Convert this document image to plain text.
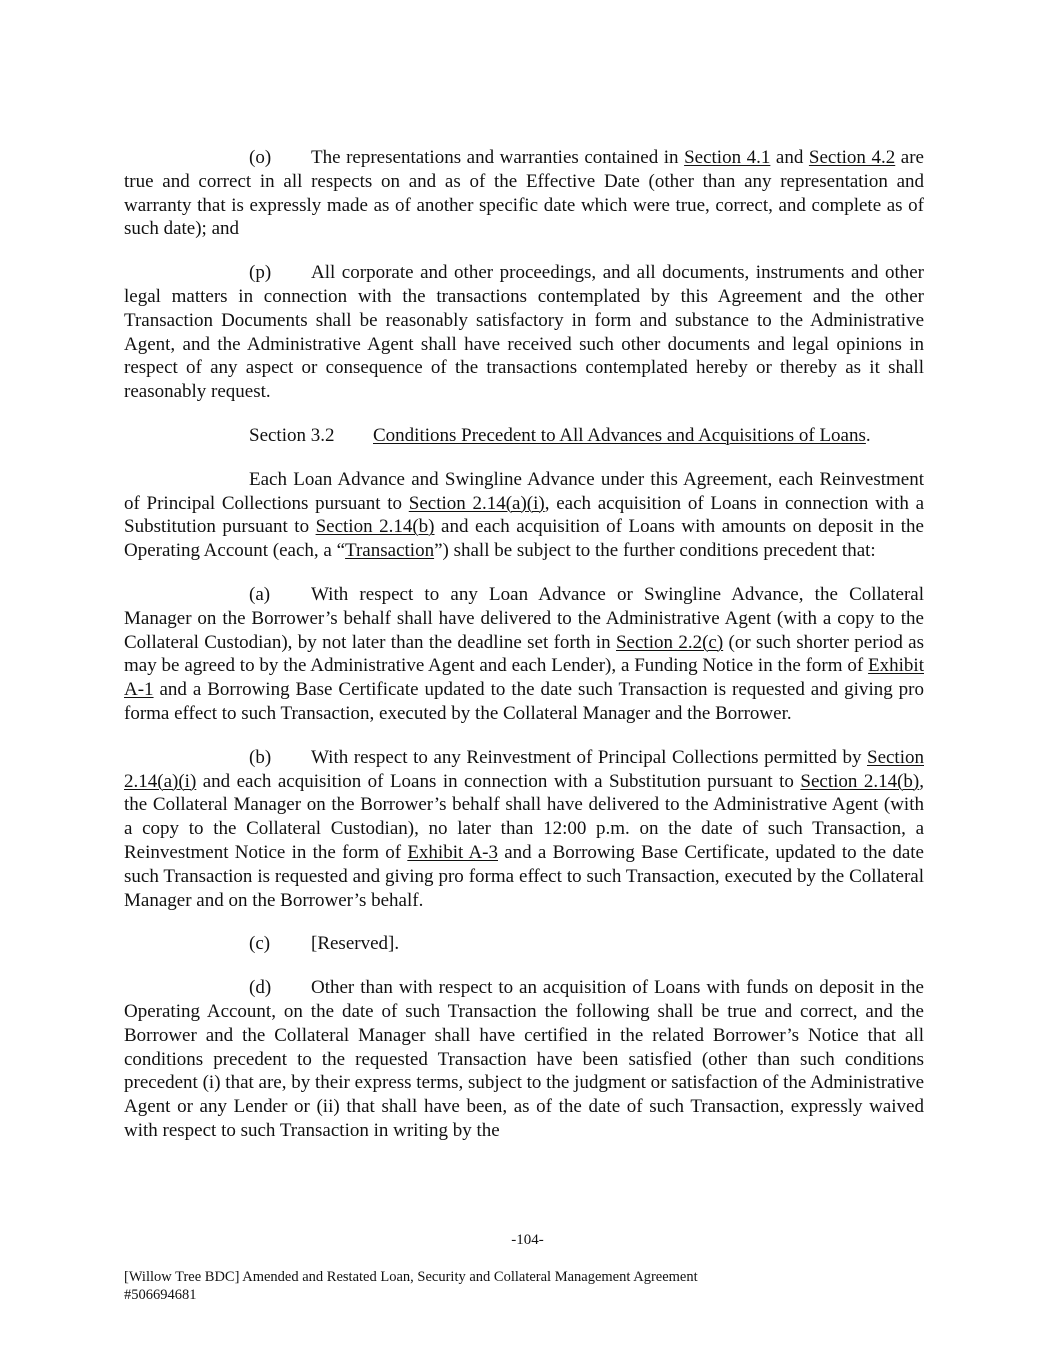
(o) The representations and warranties contained in Section 4.1 and Section 4.2 are true and correct in all respects on and as of the Effective Date (other than any representation and warranty that is expressly made as of another specific date which were true, correct, and complete as of such date); and

(p) All corporate and other proceedings, and all documents, instruments and other legal matters in connection with the transactions contemplated by this Agreement and the other Transaction Documents shall be reasonably satisfactory in form and substance to the Administrative Agent, and the Administrative Agent shall have received such other documents and legal opinions in respect of any aspect or consequence of the transactions contemplated hereby or thereby as it shall reasonably request.

Section 3.2 Conditions Precedent to All Advances and Acquisitions of Loans.

Each Loan Advance and Swingline Advance under this Agreement, each Reinvestment of Principal Collections pursuant to Section 2.14(a)(i), each acquisition of Loans in connection with a Substitution pursuant to Section 2.14(b) and each acquisition of Loans with amounts on deposit in the Operating Account (each, a “Transaction”) shall be subject to the further conditions precedent that:

(a) With respect to any Loan Advance or Swingline Advance, the Collateral Manager on the Borrower’s behalf shall have delivered to the Administrative Agent (with a copy to the Collateral Custodian), by not later than the deadline set forth in Section 2.2(c) (or such shorter period as may be agreed to by the Administrative Agent and each Lender), a Funding Notice in the form of Exhibit A-1 and a Borrowing Base Certificate updated to the date such Transaction is requested and giving pro forma effect to such Transaction, executed by the Collateral Manager and the Borrower.

(b) With respect to any Reinvestment of Principal Collections permitted by Section 2.14(a)(i) and each acquisition of Loans in connection with a Substitution pursuant to Section 2.14(b), the Collateral Manager on the Borrower’s behalf shall have delivered to the Administrative Agent (with a copy to the Collateral Custodian), no later than 12:00 p.m. on the date of such Transaction, a Reinvestment Notice in the form of Exhibit A-3 and a Borrowing Base Certificate, updated to the date such Transaction is requested and giving pro forma effect to such Transaction, executed by the Collateral Manager and on the Borrower’s behalf.

(c) [Reserved].

(d) Other than with respect to an acquisition of Loans with funds on deposit in the Operating Account, on the date of such Transaction the following shall be true and correct, and the Borrower and the Collateral Manager shall have certified in the related Borrower’s Notice that all conditions precedent to the requested Transaction have been satisfied (other than such conditions precedent (i) that are, by their express terms, subject to the judgment or satisfaction of the Administrative Agent or any Lender or (ii) that shall have been, as of the date of such Transaction, expressly waived with respect to such Transaction in writing by the

-104-
[Willow Tree BDC] Amended and Restated Loan, Security and Collateral Management Agreement
#506694681
